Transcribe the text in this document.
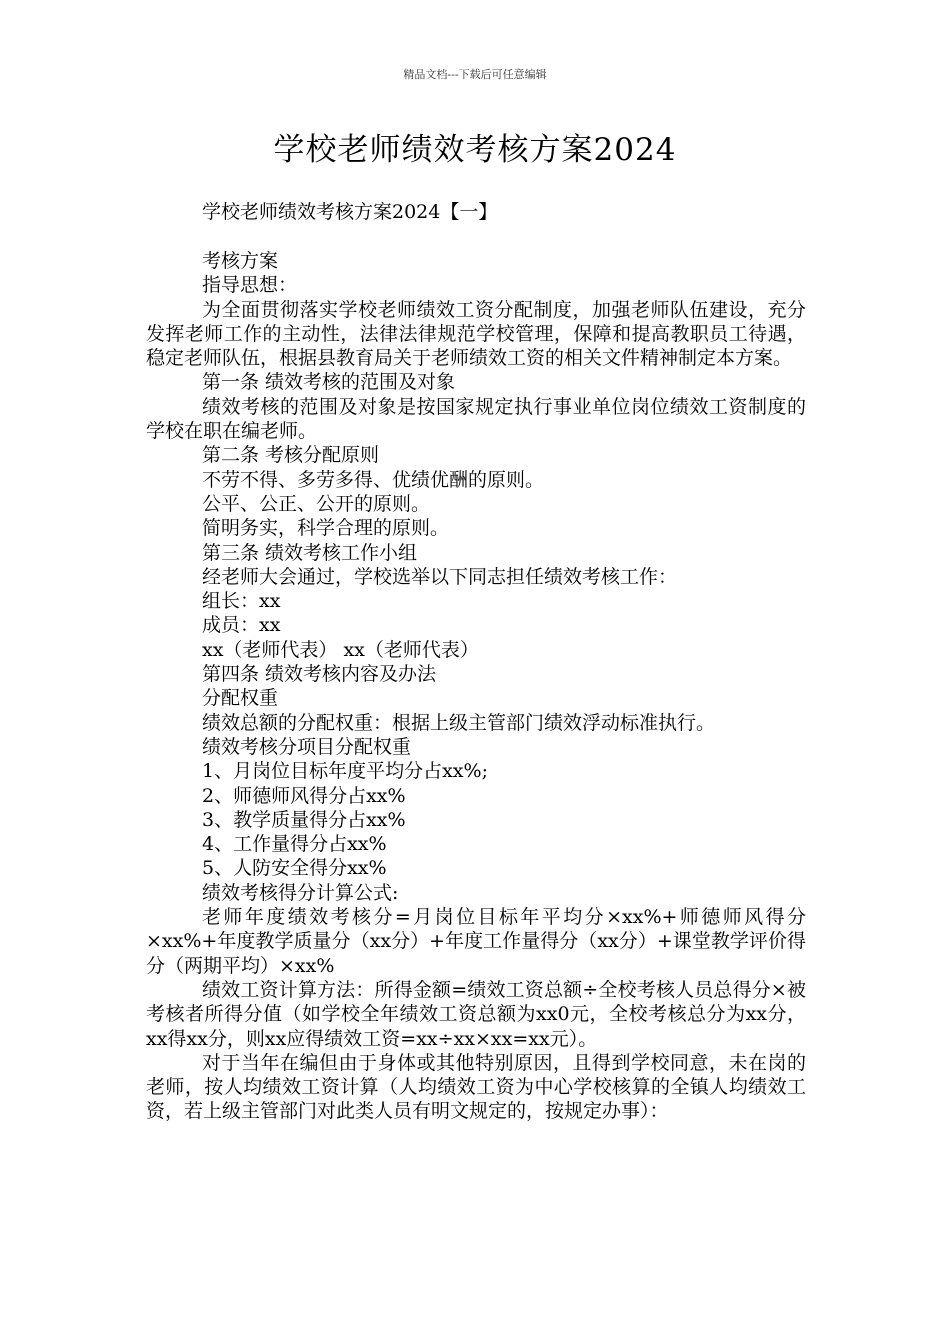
精品文档---下载后可任意编辑
学校老师绩效考核方案2024
学校老师绩效考核方案2024【一】

考核方案

指导思想：

为全面贯彻落实学校老师绩效工资分配制度，加强老师队伍建设，充分发挥老师工作的主动性，法律法律规范学校管理，保障和提高教职员工待遇，稳定老师队伍，根据县教育局关于老师绩效工资的相关文件精神制定本方案。

第一条 绩效考核的范围及对象

绩效考核的范围及对象是按国家规定执行事业单位岗位绩效工资制度的学校在职在编老师。

第二条 考核分配原则

不劳不得、多劳多得、优绩优酬的原则。

公平、公正、公开的原则。

简明务实，科学合理的原则。

第三条 绩效考核工作小组

经老师大会通过，学校选举以下同志担任绩效考核工作：

组长：xx

成员：xx

xx（老师代表） xx（老师代表）

第四条 绩效考核内容及办法

分配权重

绩效总额的分配权重：根据上级主管部门绩效浮动标准执行。

绩效考核分项目分配权重

1、月岗位目标年度平均分占xx%;

2、师德师风得分占xx%

3、教学质量得分占xx%

4、工作量得分占xx%

5、人防安全得分xx%

绩效考核得分计算公式:

老师年度绩效考核分=月岗位目标年平均分×xx%+师德师风得分×xx%+年度教学质量分（xx分）+年度工作量得分（xx分）+课堂教学评价得分（两期平均）×xx%

绩效工资计算方法：所得金额=绩效工资总额÷全校考核人员总得分×被考核者所得分值（如学校全年绩效工资总额为xx0元，全校考核总分为xx分，xx得xx分，则xx应得绩效工资=xx÷xx×xx=xx元）。

对于当年在编但由于身体或其他特别原因，且得到学校同意，未在岗的老师，按人均绩效工资计算（人均绩效工资为中心学校核算的全镇人均绩效工资，若上级主管部门对此类人员有明文规定的，按规定办事）：
